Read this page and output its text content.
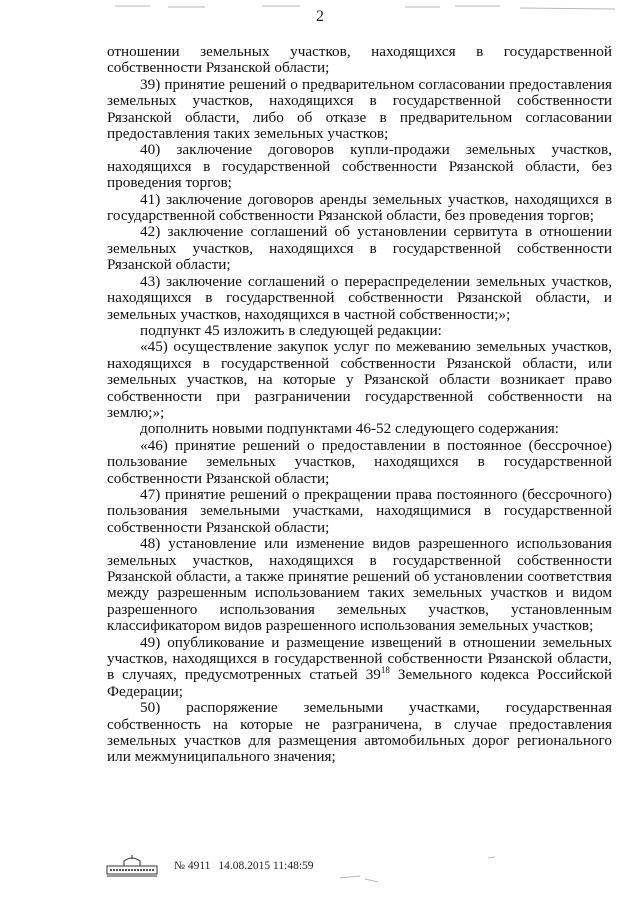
2

отношении земельных участков, находящихся в государственной собственности Рязанской области;

39) принятие решений о предварительном согласовании предоставления земельных участков, находящихся в государственной собственности Рязанской области, либо об отказе в предварительном согласовании предоставления таких земельных участков;

40) заключение договоров купли-продажи земельных участков, находящихся в государственной собственности Рязанской области, без проведения торгов;

41) заключение договоров аренды земельных участков, находящихся в государственной собственности Рязанской области, без проведения торгов;

42) заключение соглашений об установлении сервитута в отношении земельных участков, находящихся в государственной собственности Рязанской области;

43) заключение соглашений о перераспределении земельных участков, находящихся в государственной собственности Рязанской области, и земельных участков, находящихся в частной собственности;»;

подпункт 45 изложить в следующей редакции:

«45) осуществление закупок услуг по межеванию земельных участков, находящихся в государственной собственности Рязанской области, или земельных участков, на которые у Рязанской области возникает право собственности при разграничении государственной собственности на землю;»;

дополнить новыми подпунктами 46-52 следующего содержания:

«46) принятие решений о предоставлении в постоянное (бессрочное) пользование земельных участков, находящихся в государственной собственности Рязанской области;

47) принятие решений о прекращении права постоянного (бессрочного) пользования земельными участками, находящимися в государственной собственности Рязанской области;

48) установление или изменение видов разрешенного использования земельных участков, находящихся в государственной собственности Рязанской области, а также принятие решений об установлении соответствия между разрешенным использованием таких земельных участков и видом разрешенного использования земельных участков, установленным классификатором видов разрешенного использования земельных участков;

49) опубликование и размещение извещений в отношении земельных участков, находящихся в государственной собственности Рязанской области, в случаях, предусмотренных статьей $39^{18}$ Земельного кодекса Российской Федерации;

50) распоряжение земельными участками, государственная собственность на которые не разграничена, в случае предоставления земельных участков для размещения автомобильных дорог регионального или межмуниципального значения;

№ 4911 14.08.2015 11:48:59
